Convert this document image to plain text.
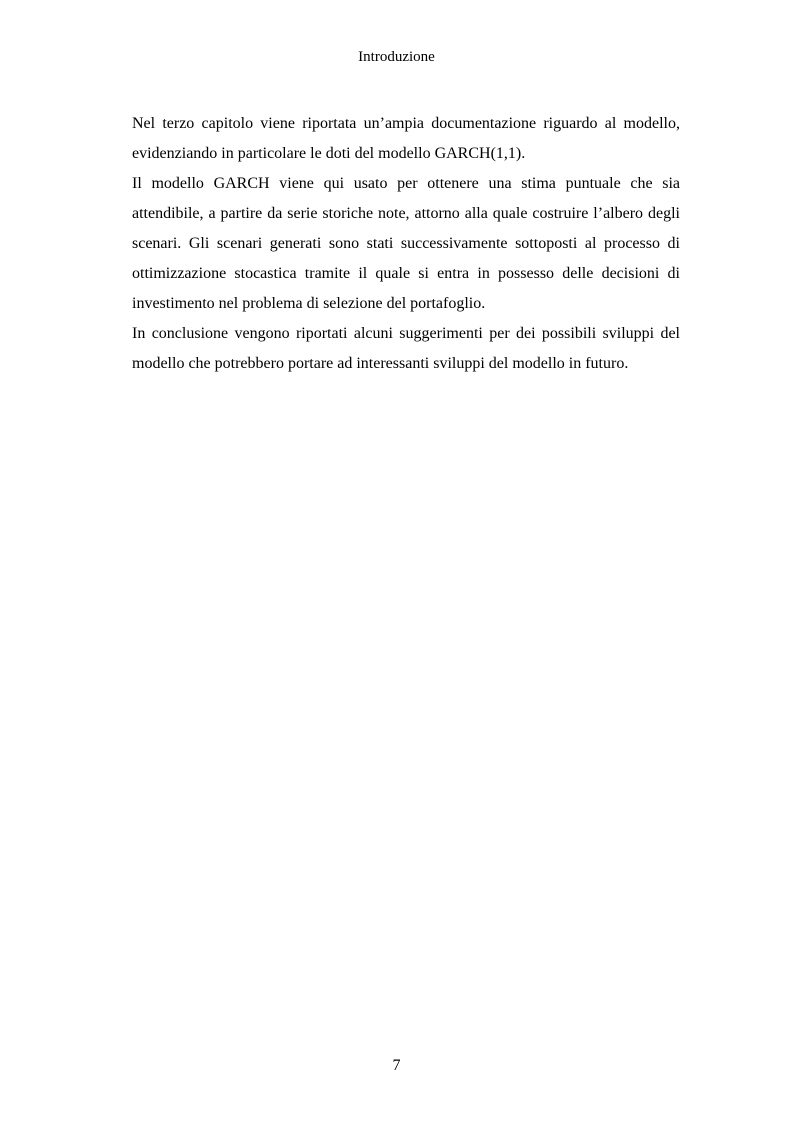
Introduzione

Nel terzo capitolo viene riportata un’ampia documentazione riguardo al modello, evidenziando in particolare le doti del modello GARCH(1,1).

Il modello GARCH viene qui usato per ottenere una stima puntuale che sia attendibile, a partire da serie storiche note, attorno alla quale costruire l’albero degli scenari. Gli scenari generati sono stati successivamente sottoposti al processo di ottimizzazione stocastica tramite il quale si entra in possesso delle decisioni di investimento nel problema di selezione del portafoglio.

In conclusione vengono riportati alcuni suggerimenti per dei possibili sviluppi del modello che potrebbero portare ad interessanti sviluppi del modello in futuro.

7
